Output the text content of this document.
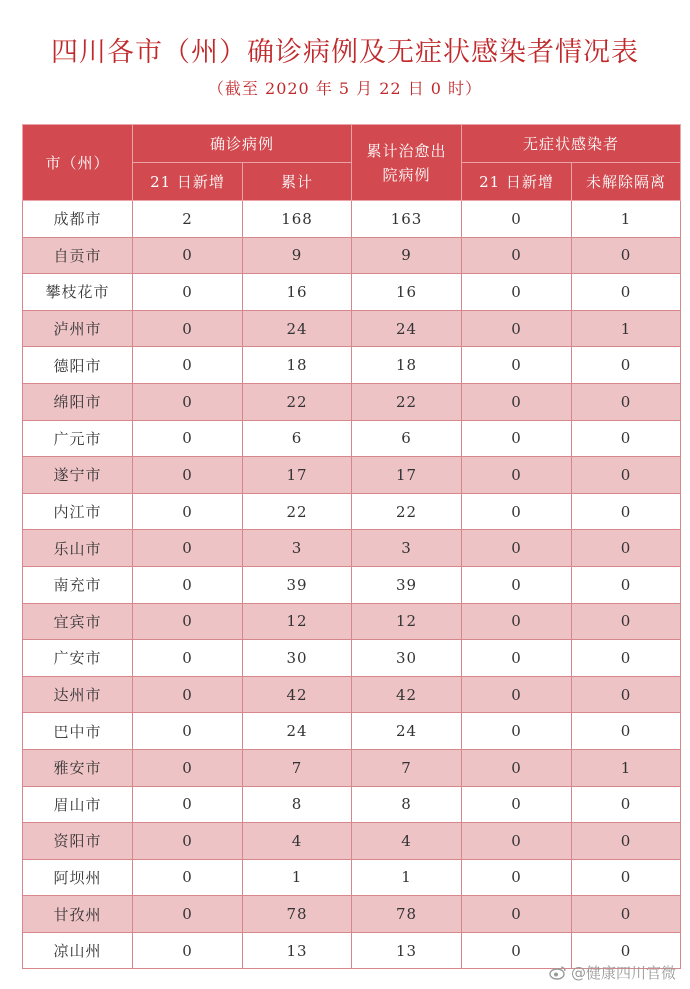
四川各市（州）确诊病例及无症状感染者情况表
（截至 2020 年 5 月 22 日 0 时）
市（州）	确诊病例		累计治愈出院病例	无症状感染者	
	21 日新增	累计		21 日新增	未解除隔离
成都市	2	168	163	0	1
自贡市	0	9	9	0	0
攀枝花市	0	16	16	0	0
泸州市	0	24	24	0	1
德阳市	0	18	18	0	0
绵阳市	0	22	22	0	0
广元市	0	6	6	0	0
遂宁市	0	17	17	0	0
内江市	0	22	22	0	0
乐山市	0	3	3	0	0
南充市	0	39	39	0	0
宜宾市	0	12	12	0	0
广安市	0	30	30	0	0
达州市	0	42	42	0	0
巴中市	0	24	24	0	0
雅安市	0	7	7	0	1
眉山市	0	8	8	0	0
资阳市	0	4	4	0	0
阿坝州	0	1	1	0	0
甘孜州	0	78	78	0	0
凉山州	0	13	13	0	0
@健康四川官微
